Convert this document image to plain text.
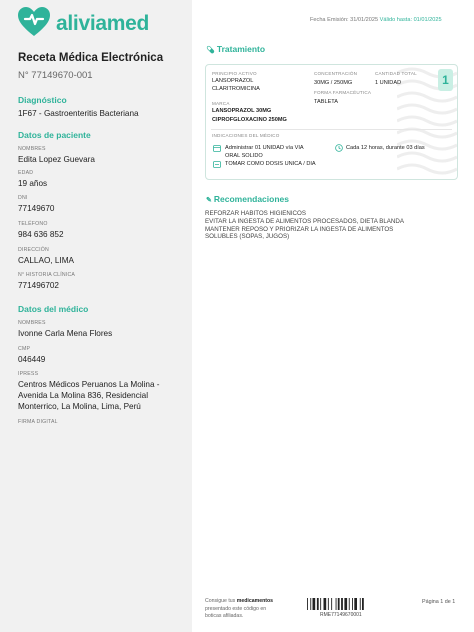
aliviamed
Receta Médica Electrónica
N° 77149670-001
Diagnóstico
1F67 - Gastroenteritis Bacteriana
Datos de paciente
NOMBRES
Edita Lopez Guevara
EDAD
19 años
DNI
77149670
TELÉFONO
984 636 852
DIRECCIÓN
CALLAO, LIMA
N° HISTORIA CLÍNICA
771496702
Datos del médico
NOMBRES
Ivonne Carla Mena Flores
CMP
046449
IPRESS
Centros Médicos Peruanos La Molina -
Avenida La Molina 836, Residencial
Monterrico, La Molina, Lima, Perú
FIRMA DIGITAL
Fecha Emisión: 31/01/2025 Válido hasta: 01/01/2025
💊︎ Tratamiento
PRINCIPIO ACTIVO
LANSOPRAZOL
CLARITROMICINA
CONCENTRACIÓN
30MG / 250MG
CANTIDAD TOTAL
1 UNIDAD
FORMA FARMACÉUTICA
TABLETA
MARCA
LANSOPRAZOL 30MG
CIPROFGLOXACINO 250MG
INDICACIONES DEL MÉDICO
Administrar 01 UNIDAD vía VIA
ORAL SOLIDO
Cada 12 horas, durante 03 días
TOMAR COMO DOSIS UNICA / DIA
1
✎ Recomendaciones
REFORZAR HABITOS HIGIENICOS
EVITAR LA INGESTA DE ALIMENTOS PROCESADOS, DIETA BLANDA
MANTENER REPOSO Y PRIORIZAR LA INGESTA DE ALIMENTOS
SOLUBLES (SOPAS, JUGOS)
Consigue tus medicamentos
presentado este código en
boticas afiliadas.	RME77149670001
Página 1 de 1
